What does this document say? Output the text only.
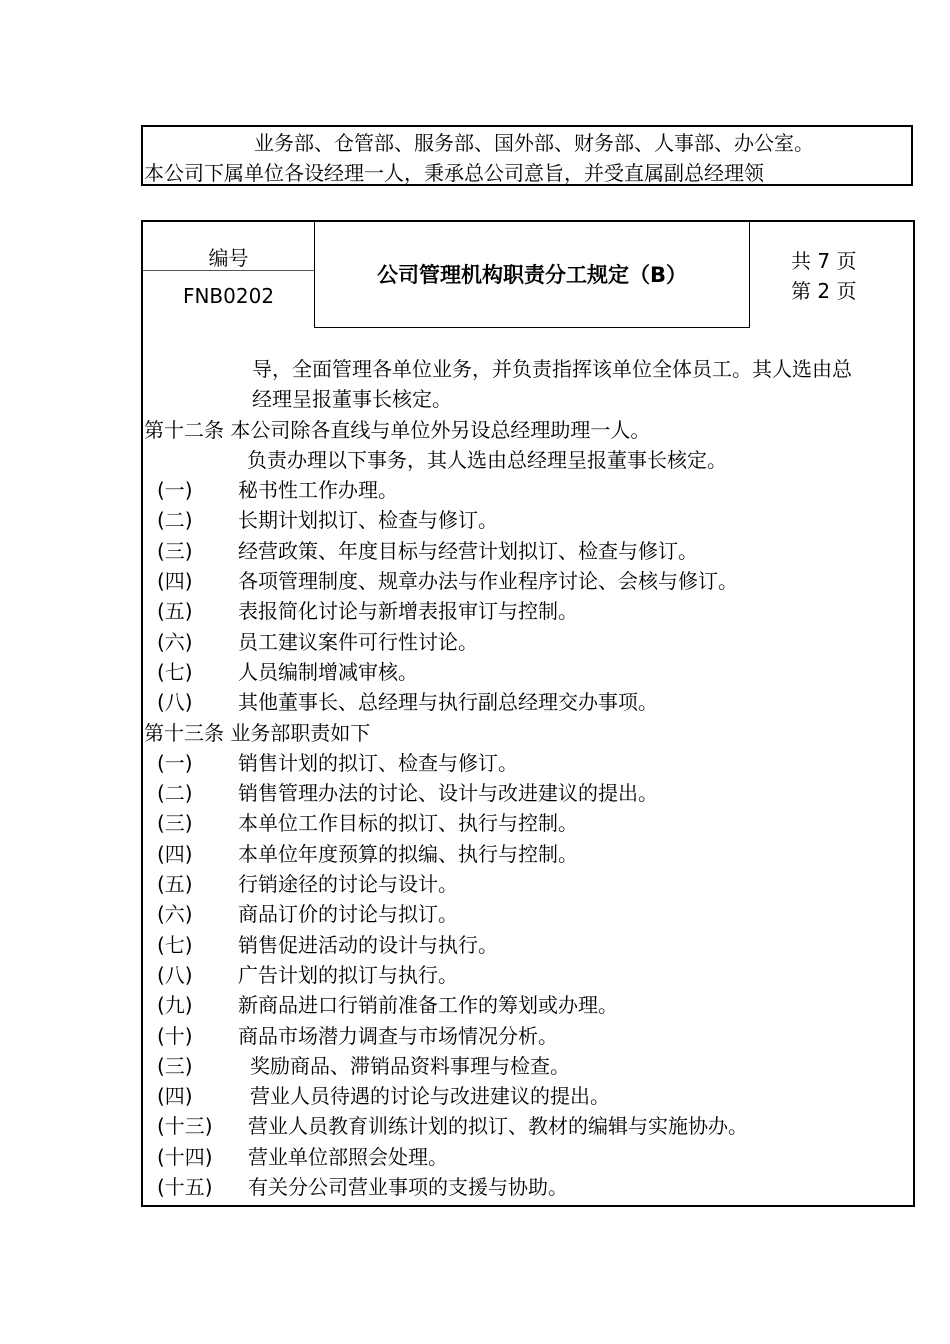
业务部、仓管部、服务部、国外部、财务部、人事部、办公室。
本公司下属单位各设经理一人，秉承总公司意旨，并受直属副总经理领
编号
FNB0202
公司管理机构职责分工规定（B）
共 7 页
第 2 页
导，全面管理各单位业务，并负责指挥该单位全体员工。其人选由总
经理呈报董事长核定。
第十二条 本公司除各直线与单位外另设总经理助理一人。
负责办理以下事务，其人选由总经理呈报董事长核定。
(一) 秘书性工作办理。
(二) 长期计划拟订、检查与修订。
(三) 经营政策、年度目标与经营计划拟订、检查与修订。
(四) 各项管理制度、规章办法与作业程序讨论、会核与修订。
(五) 表报简化讨论与新增表报审订与控制。
(六) 员工建议案件可行性讨论。
(七) 人员编制增减审核。
(八) 其他董事长、总经理与执行副总经理交办事项。
第十三条 业务部职责如下
(一) 销售计划的拟订、检查与修订。
(二) 销售管理办法的讨论、设计与改进建议的提出。
(三) 本单位工作目标的拟订、执行与控制。
(四) 本单位年度预算的拟编、执行与控制。
(五) 行销途径的讨论与设计。
(六) 商品订价的讨论与拟订。
(七) 销售促进活动的设计与执行。
(八) 广告计划的拟订与执行。
(九) 新商品进口行销前准备工作的筹划或办理。
(十) 商品市场潜力调查与市场情况分析。
(三)	奖励商品、滞销品资料事理与检查。
(四)	营业人员待遇的讨论与改进建议的提出。
(十三) 营业人员教育训练计划的拟订、教材的编辑与实施协办。
(十四) 营业单位部照会处理。
(十五) 有关分公司营业事项的支援与协助。
